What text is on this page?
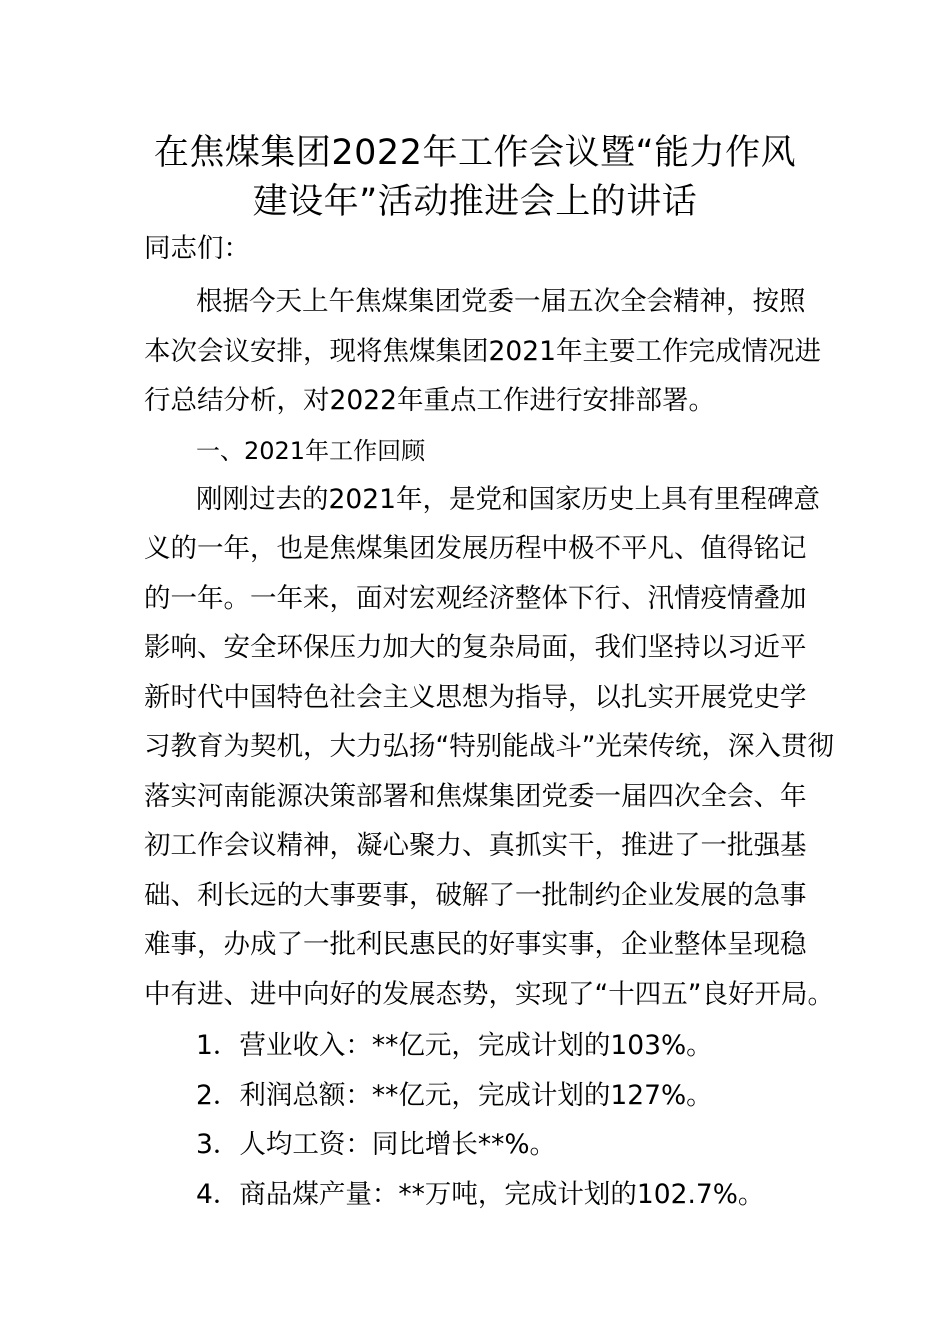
在焦煤集团2022年工作会议暨“能力作风
建设年”活动推进会上的讲话

同志们：

根据今天上午焦煤集团党委一届五次全会精神，按照

本次会议安排，现将焦煤集团2021年主要工作完成情况进

行总结分析，对2022年重点工作进行安排部署。

一、2021年工作回顾

刚刚过去的2021年，是党和国家历史上具有里程碑意

义的一年，也是焦煤集团发展历程中极不平凡、值得铭记

的一年。一年来，面对宏观经济整体下行、汛情疫情叠加

影响、安全环保压力加大的复杂局面，我们坚持以习近平

新时代中国特色社会主义思想为指导，以扎实开展党史学

习教育为契机，大力弘扬“特别能战斗”光荣传统，深入贯彻

落实河南能源决策部署和焦煤集团党委一届四次全会、年

初工作会议精神，凝心聚力、真抓实干，推进了一批强基

础、利长远的大事要事，破解了一批制约企业发展的急事

难事，办成了一批利民惠民的好事实事，企业整体呈现稳

中有进、进中向好的发展态势，实现了“十四五”良好开局。

1．营业收入：**亿元，完成计划的103%。

2．利润总额：**亿元，完成计划的127%。

3．人均工资：同比增长**%。

4．商品煤产量：**万吨，完成计划的102.7%。
